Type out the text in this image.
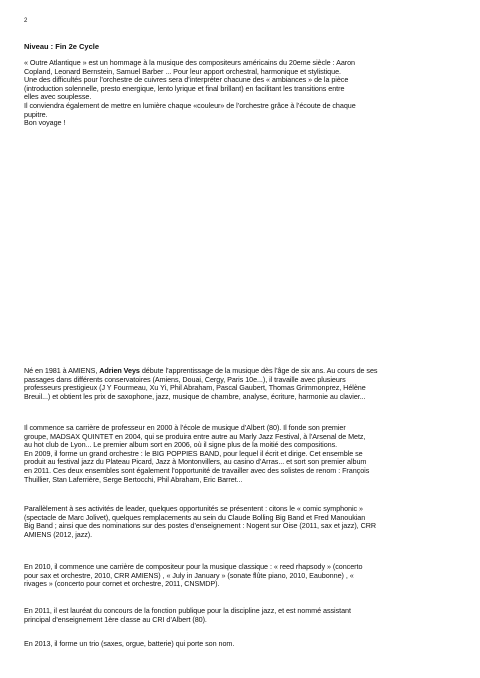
2
Niveau : Fin 2e Cycle

« Outre Atlantique » est un hommage à la musique des compositeurs américains du 20eme siècle : Aaron
Copland, Leonard Bernstein, Samuel Barber ... Pour leur apport orchestral, harmonique et stylistique.
Une des difficultés pour l’orchestre de cuivres sera d’interpréter chacune des « ambiances » de la pièce
(introduction solennelle, presto energique, lento lyrique et final brillant) en facilitant les transitions entre
elles avec souplesse.
Il conviendra également de mettre en lumière chaque «couleur» de l’orchestre grâce à l’écoute de chaque
pupitre.
Bon voyage !

Né en 1981 à AMIENS, Adrien Veys débute l’apprentissage de la musique dès l’âge de six ans. Au cours de ses
passages dans différents conservatoires (Amiens, Douai, Cergy, Paris 10e...), il travaille avec plusieurs
professeurs prestigieux (J Y Fourmeau, Xu Yi, Phil Abraham, Pascal Gaubert, Thomas Grimmonprez, Hélène
Breuil...) et obtient les prix de saxophone, jazz, musique de chambre, analyse, écriture, harmonie au clavier...

Il commence sa carrière de professeur en 2000 à l’école de musique d’Albert (80). Il fonde son premier
groupe, MADSAX QUINTET en 2004, qui se produira entre autre au Marly Jazz Festival, à l’Arsenal de Metz,
au hot club de Lyon... Le premier album sort en 2006, où il signe plus de la moitié des compositions.
En 2009, il forme un grand orchestre : le BIG POPPIES BAND, pour lequel il écrit et dirige. Cet ensemble se
produit au festival jazz du Plateau Picard, Jazz à Montonvillers, au casino d’Arras... et sort son premier album
en 2011. Ces deux ensembles sont également l’opportunité de travailler avec des solistes de renom : François
Thuillier, Stan Laferrière, Serge Bertocchi, Phil Abraham, Eric Barret...

Parallèlement à ses activités de leader, quelques opportunités se présentent : citons le « comic symphonic »
(spectacle de Marc Jolivet), quelques remplacements au sein du Claude Bolling Big Band et Fred Manoukian
Big Band ; ainsi que des nominations sur des postes d’enseignement : Nogent sur Oise (2011, sax et jazz), CRR
AMIENS (2012, jazz).

En 2010, il commence une carrière de compositeur pour la musique classique : « reed rhapsody » (concerto
pour sax et orchestre, 2010, CRR AMIENS) , « July in January » (sonate flûte piano, 2010, Eaubonne) , «
rivages » (concerto pour cornet et orchestre, 2011, CNSMDP).

En 2011, il est lauréat du concours de la fonction publique pour la discipline jazz, et est nommé assistant
principal d’enseignement 1ère classe au CRI d’Albert (80).

En 2013, il forme un trio (saxes, orgue, batterie) qui porte son nom.
